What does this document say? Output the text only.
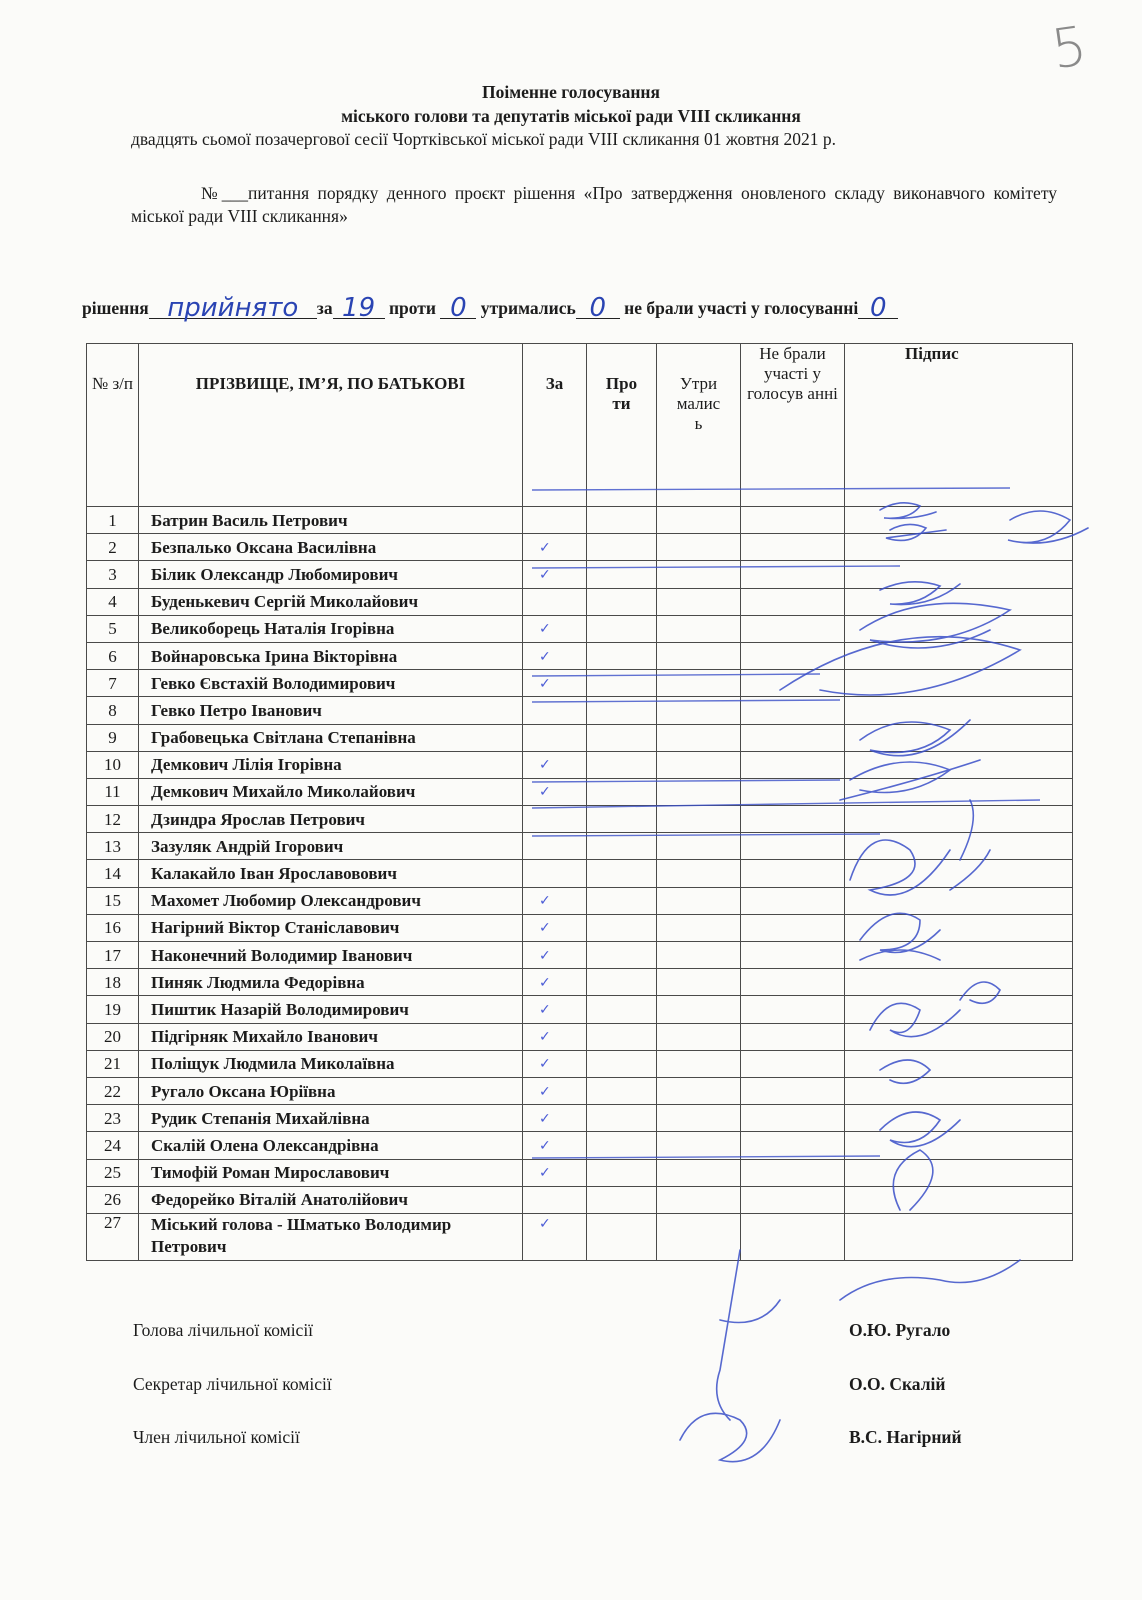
5
Поіменне голосування
міського голови та депутатів міської ради VIII скликання
двадцять сьомої позачергової сесії Чортківської міської ради VIII скликання 01 жовтня 2021 р.
№___питання порядку денного проєкт рішення «Про затвердження оновленого складу виконавчого комітету міської ради VIII скликання»
рішення прийнято за 19 проти 0 утримались 0 не брали участі у голосуванні 0
№ з/п	ПРІЗВИЩЕ, ІМ’Я, ПО БАТЬКОВІ	За	Про ти	Утри малис ь	Не брали участі у голосув анні	Підпис
1	Батрин Василь Петрович					
2	Безпалько Оксана Василівна	✓				
3	Білик Олександр Любомирович	✓				
4	Буденькевич Сергій Миколайович					
5	Великоборець Наталія Ігорівна	✓				
6	Войнаровська Ірина Вікторівна	✓				
7	Гевко Євстахій Володимирович	✓				
8	Гевко Петро Іванович					
9	Грабовецька Світлана Степанівна					
10	Демкович Лілія Ігорівна	✓				
11	Демкович Михайло Миколайович	✓				
12	Дзиндра Ярослав Петрович					
13	Зазуляк Андрій Ігорович					
14	Калакайло Іван Ярославовович					
15	Махомет Любомир Олександрович	✓				
16	Нагірний Віктор Станіславович	✓				
17	Наконечний Володимир Іванович	✓				
18	Пиняк Людмила Федорівна	✓				
19	Пиштик Назарій Володимирович	✓				
20	Підгірняк Михайло Іванович	✓				
21	Поліщук Людмила Миколаївна	✓				
22	Ругало Оксана Юріївна	✓				
23	Рудик Степанія Михайлівна	✓				
24	Скалій Олена Олександрівна	✓				
25	Тимофій Роман Мирославович	✓				
26	Федорейко Віталій Анатолійович					
27	Міський голова - Шматько Володимир Петрович	✓				
Голова лічильної комісії	О.Ю. Ругало
Секретар лічильної комісії	О.О. Скалій
Член лічильної комісії	В.С. Нагірний
